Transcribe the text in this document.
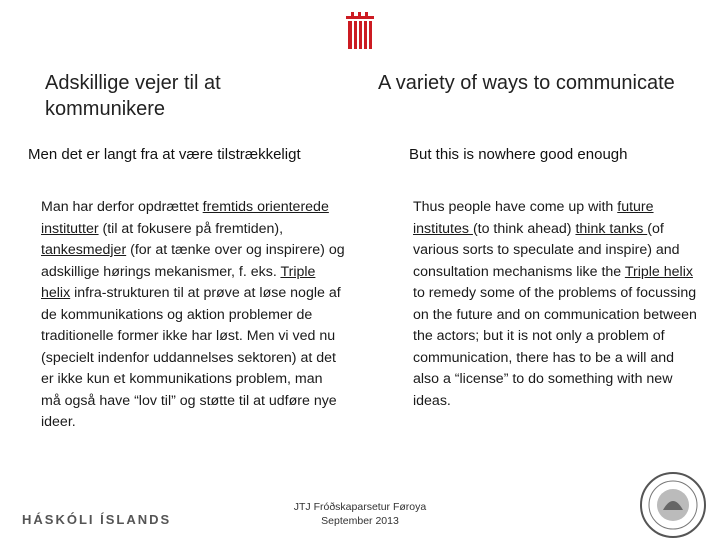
Adskillige vejer til at kommunikere
A variety of ways to communicate
Men det er langt fra at være tilstrækkeligt	But this is nowhere good enough
Man har derfor opdrættet fremtids orienterede institutter (til at fokusere på fremtiden), tankesmedjer (for at tænke over og inspirere) og adskillige hørings mekanismer, f. eks. Triple helix infra-strukturen til at prøve at løse nogle af de kommunikations og aktion problemer de traditionelle former ikke har løst. Men vi ved nu (specielt indenfor uddannelses sektoren) at det er ikke kun et kommunikations problem, man må også have “lov til” og støtte til at udføre nye ideer.
Thus people have come up with future institutes (to think ahead) think tanks (of various sorts to speculate and inspire) and consultation mechanisms like the Triple helix to remedy some of the problems of focussing on the future and on communication between the actors; but it is not only a problem of communication, there has to be a will and also a “license” to do something with new ideas.
HÁSKÓLI ÍSLANDS
JTJ Fróðskaparsetur Føroya
September 2013
